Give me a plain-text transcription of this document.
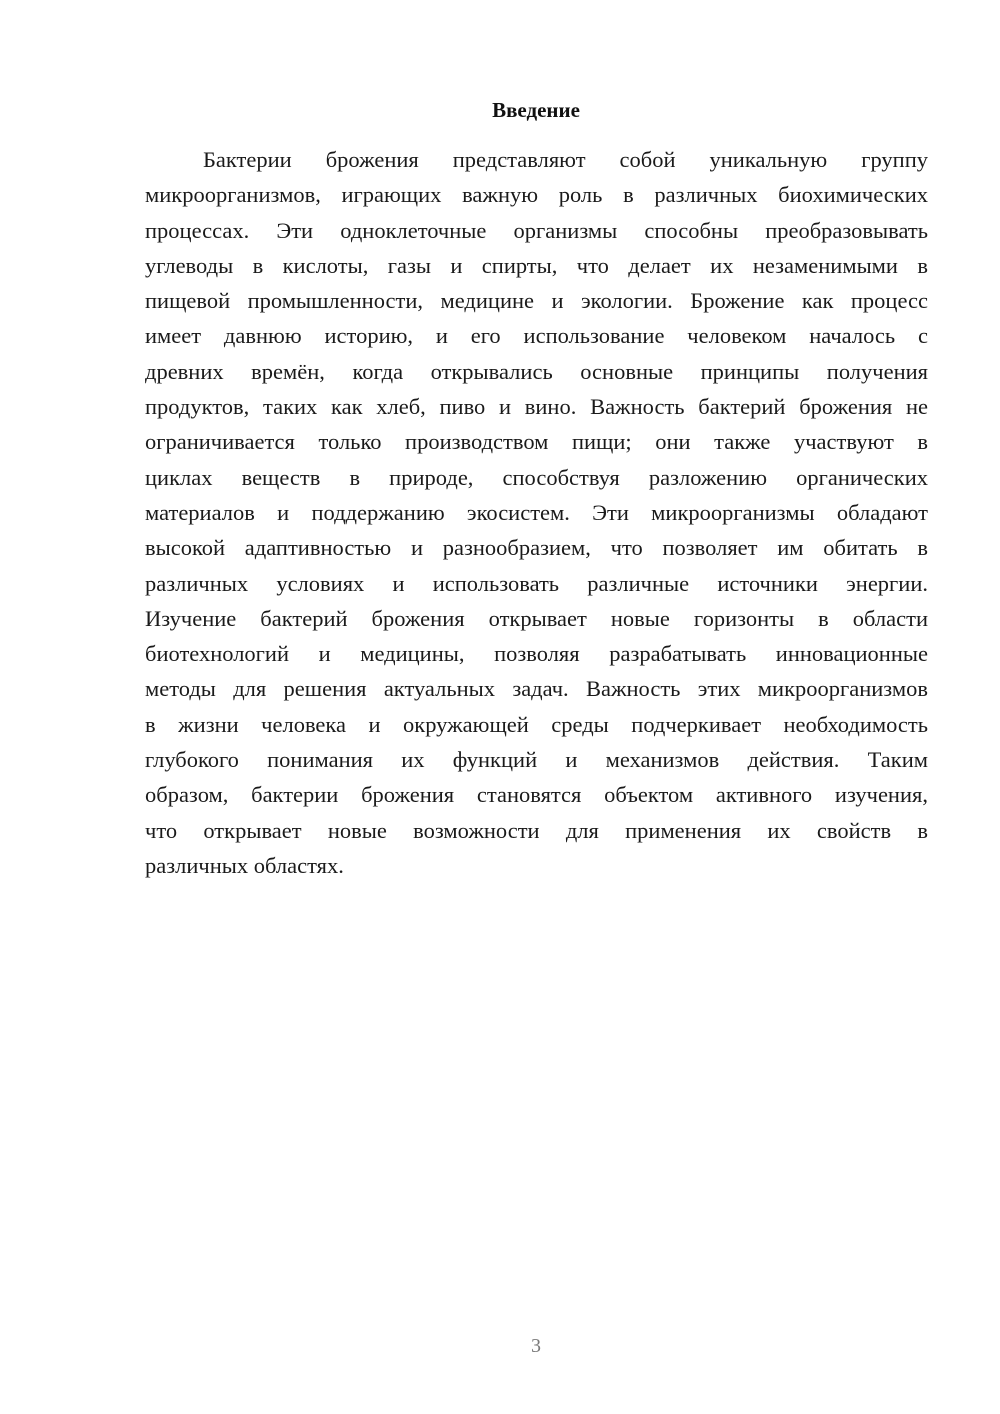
Введение
Бактерии брожения представляют собой уникальную группу
микроорганизмов, играющих важную роль в различных биохимических
процессах. Эти одноклеточные организмы способны преобразовывать
углеводы в кислоты, газы и спирты, что делает их незаменимыми в
пищевой промышленности, медицине и экологии. Брожение как процесс
имеет давнюю историю, и его использование человеком началось с
древних времён, когда открывались основные принципы получения
продуктов, таких как хлеб, пиво и вино. Важность бактерий брожения не
ограничивается только производством пищи; они также участвуют в
циклах веществ в природе, способствуя разложению органических
материалов и поддержанию экосистем. Эти микроорганизмы обладают
высокой адаптивностью и разнообразием, что позволяет им обитать в
различных условиях и использовать различные источники энергии.
Изучение бактерий брожения открывает новые горизонты в области
биотехнологий и медицины, позволяя разрабатывать инновационные
методы для решения актуальных задач. Важность этих микроорганизмов
в жизни человека и окружающей среды подчеркивает необходимость
глубокого понимания их функций и механизмов действия. Таким
образом, бактерии брожения становятся объектом активного изучения,
что открывает новые возможности для применения их свойств в
различных областях.
3
